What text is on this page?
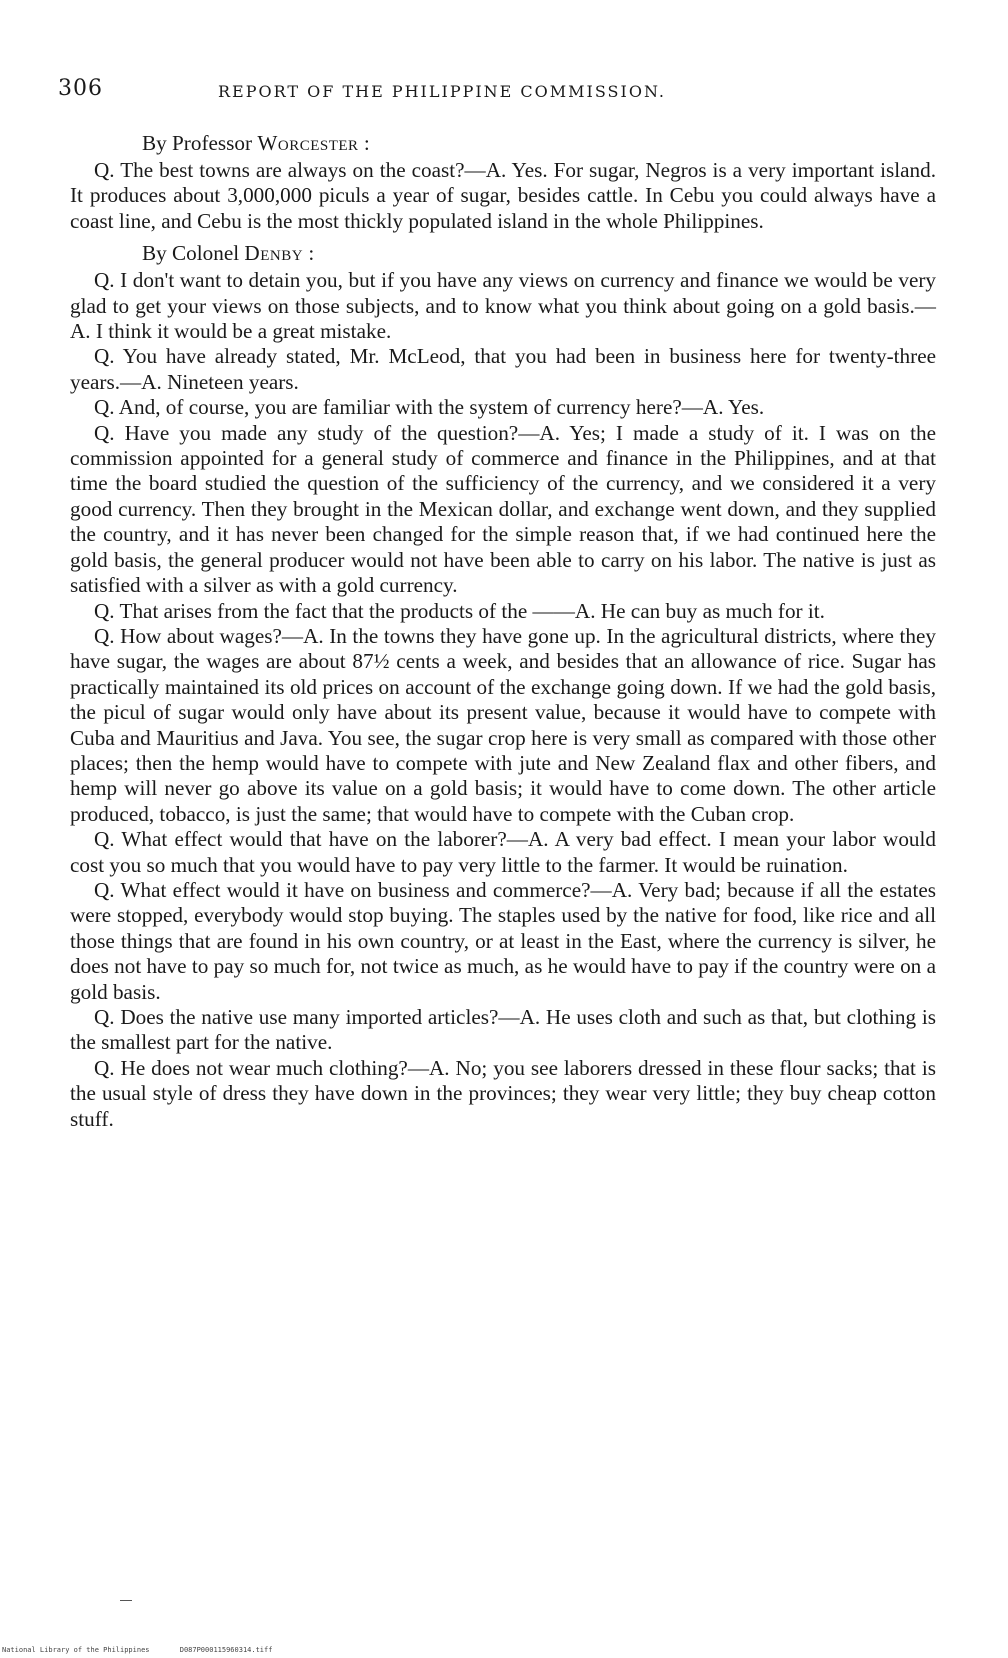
306	REPORT OF THE PHILIPPINE COMMISSION.

By Professor Worcester :

Q. The best towns are always on the coast?—A. Yes. For sugar, Negros is a very important island. It produces about 3,000,000 piculs a year of sugar, besides cattle. In Cebu you could always have a coast line, and Cebu is the most thickly populated island in the whole Philippines.

By Colonel Denby :

Q. I don't want to detain you, but if you have any views on currency and finance we would be very glad to get your views on those subjects, and to know what you think about going on a gold basis.—A. I think it would be a great mistake.

Q. You have already stated, Mr. McLeod, that you had been in business here for twenty-three years.—A. Nineteen years.

Q. And, of course, you are familiar with the system of currency here?—A. Yes.

Q. Have you made any study of the question?—A. Yes; I made a study of it. I was on the commission appointed for a general study of commerce and finance in the Philippines, and at that time the board studied the question of the sufficiency of the currency, and we considered it a very good currency. Then they brought in the Mexican dollar, and exchange went down, and they supplied the country, and it has never been changed for the simple reason that, if we had continued here the gold basis, the general producer would not have been able to carry on his labor. The native is just as satisfied with a silver as with a gold currency.

Q. That arises from the fact that the products of the ——A. He can buy as much for it.

Q. How about wages?—A. In the towns they have gone up. In the agricultural districts, where they have sugar, the wages are about 87½ cents a week, and besides that an allowance of rice. Sugar has practically maintained its old prices on account of the exchange going down. If we had the gold basis, the picul of sugar would only have about its present value, because it would have to compete with Cuba and Mauritius and Java. You see, the sugar crop here is very small as compared with those other places; then the hemp would have to compete with jute and New Zealand flax and other fibers, and hemp will never go above its value on a gold basis; it would have to come down. The other article produced, tobacco, is just the same; that would have to compete with the Cuban crop.

Q. What effect would that have on the laborer?—A. A very bad effect. I mean your labor would cost you so much that you would have to pay very little to the farmer. It would be ruination.

Q. What effect would it have on business and commerce?—A. Very bad; because if all the estates were stopped, everybody would stop buying. The staples used by the native for food, like rice and all those things that are found in his own country, or at least in the East, where the currency is silver, he does not have to pay so much for, not twice as much, as he would have to pay if the country were on a gold basis.

Q. Does the native use many imported articles?—A. He uses cloth and such as that, but clothing is the smallest part for the native.

Q. He does not wear much clothing?—A. No; you see laborers dressed in these flour sacks; that is the usual style of dress they have down in the provinces; they wear very little; they buy cheap cotton stuff.

National Library of the Philippines	D087P000115960314.tiff
